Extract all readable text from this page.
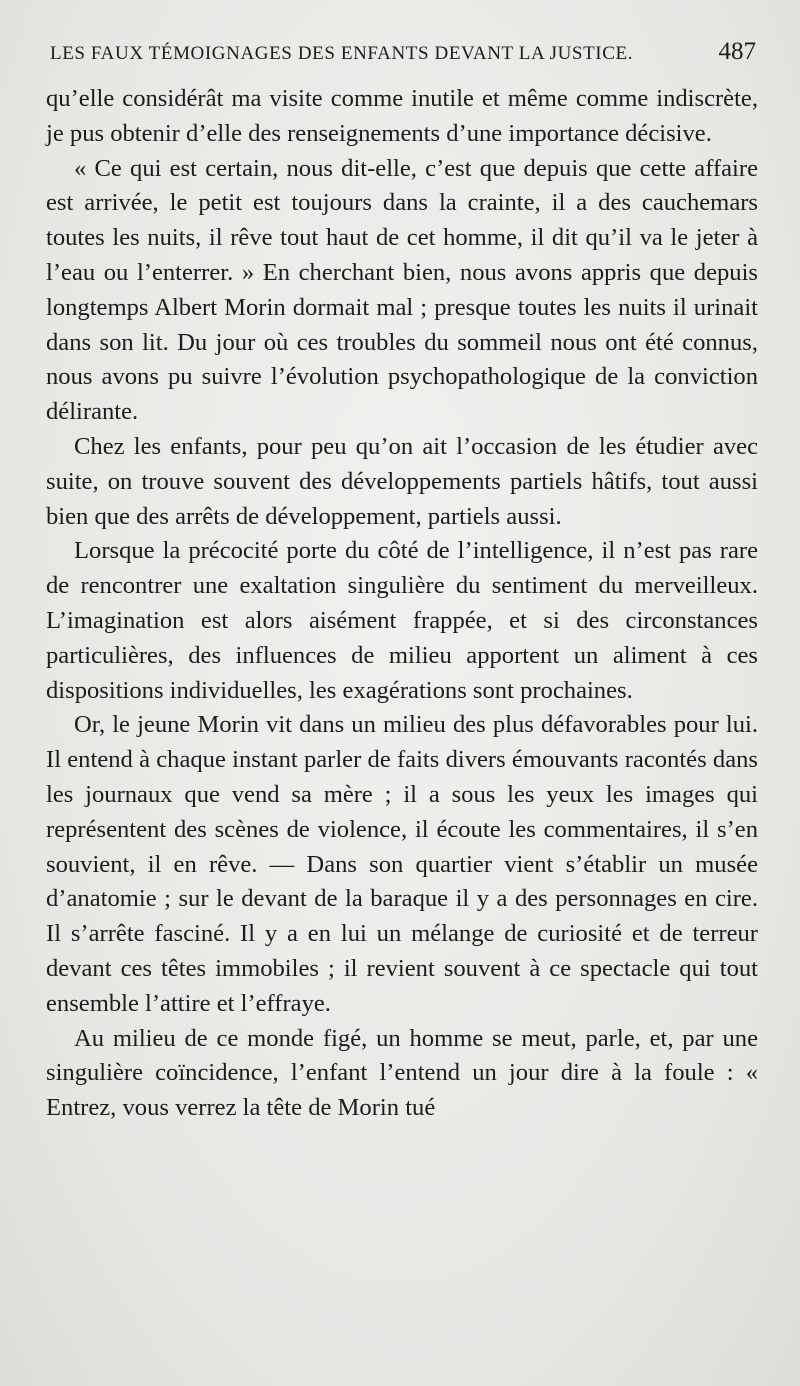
LES FAUX TÉMOIGNAGES DES ENFANTS DEVANT LA JUSTICE.	487

qu’elle considérât ma visite comme inutile et même comme indiscrète, je pus obtenir d’elle des renseignements d’une importance décisive.

« Ce qui est certain, nous dit-elle, c’est que depuis que cette affaire est arrivée, le petit est toujours dans la crainte, il a des cauchemars toutes les nuits, il rêve tout haut de cet homme, il dit qu’il va le jeter à l’eau ou l’enterrer. » En cherchant bien, nous avons appris que depuis longtemps Albert Morin dormait mal ; presque toutes les nuits il urinait dans son lit. Du jour où ces troubles du sommeil nous ont été connus, nous avons pu suivre l’évolution psychopathologique de la conviction délirante.

Chez les enfants, pour peu qu’on ait l’occasion de les étudier avec suite, on trouve souvent des développements partiels hâtifs, tout aussi bien que des arrêts de développement, partiels aussi.

Lorsque la précocité porte du côté de l’intelligence, il n’est pas rare de rencontrer une exaltation singulière du sentiment du merveilleux. L’imagination est alors aisément frappée, et si des circonstances particulières, des influences de milieu apportent un aliment à ces dispositions individuelles, les exagérations sont prochaines.

Or, le jeune Morin vit dans un milieu des plus défavorables pour lui. Il entend à chaque instant parler de faits divers émouvants racontés dans les journaux que vend sa mère ; il a sous les yeux les images qui représentent des scènes de violence, il écoute les commentaires, il s’en souvient, il en rêve. — Dans son quartier vient s’établir un musée d’anatomie ; sur le devant de la baraque il y a des personnages en cire. Il s’arrête fasciné. Il y a en lui un mélange de curiosité et de terreur devant ces têtes immobiles ; il revient souvent à ce spectacle qui tout ensemble l’attire et l’effraye.

Au milieu de ce monde figé, un homme se meut, parle, et, par une singulière coïncidence, l’enfant l’entend un jour dire à la foule : « Entrez, vous verrez la tête de Morin tué
